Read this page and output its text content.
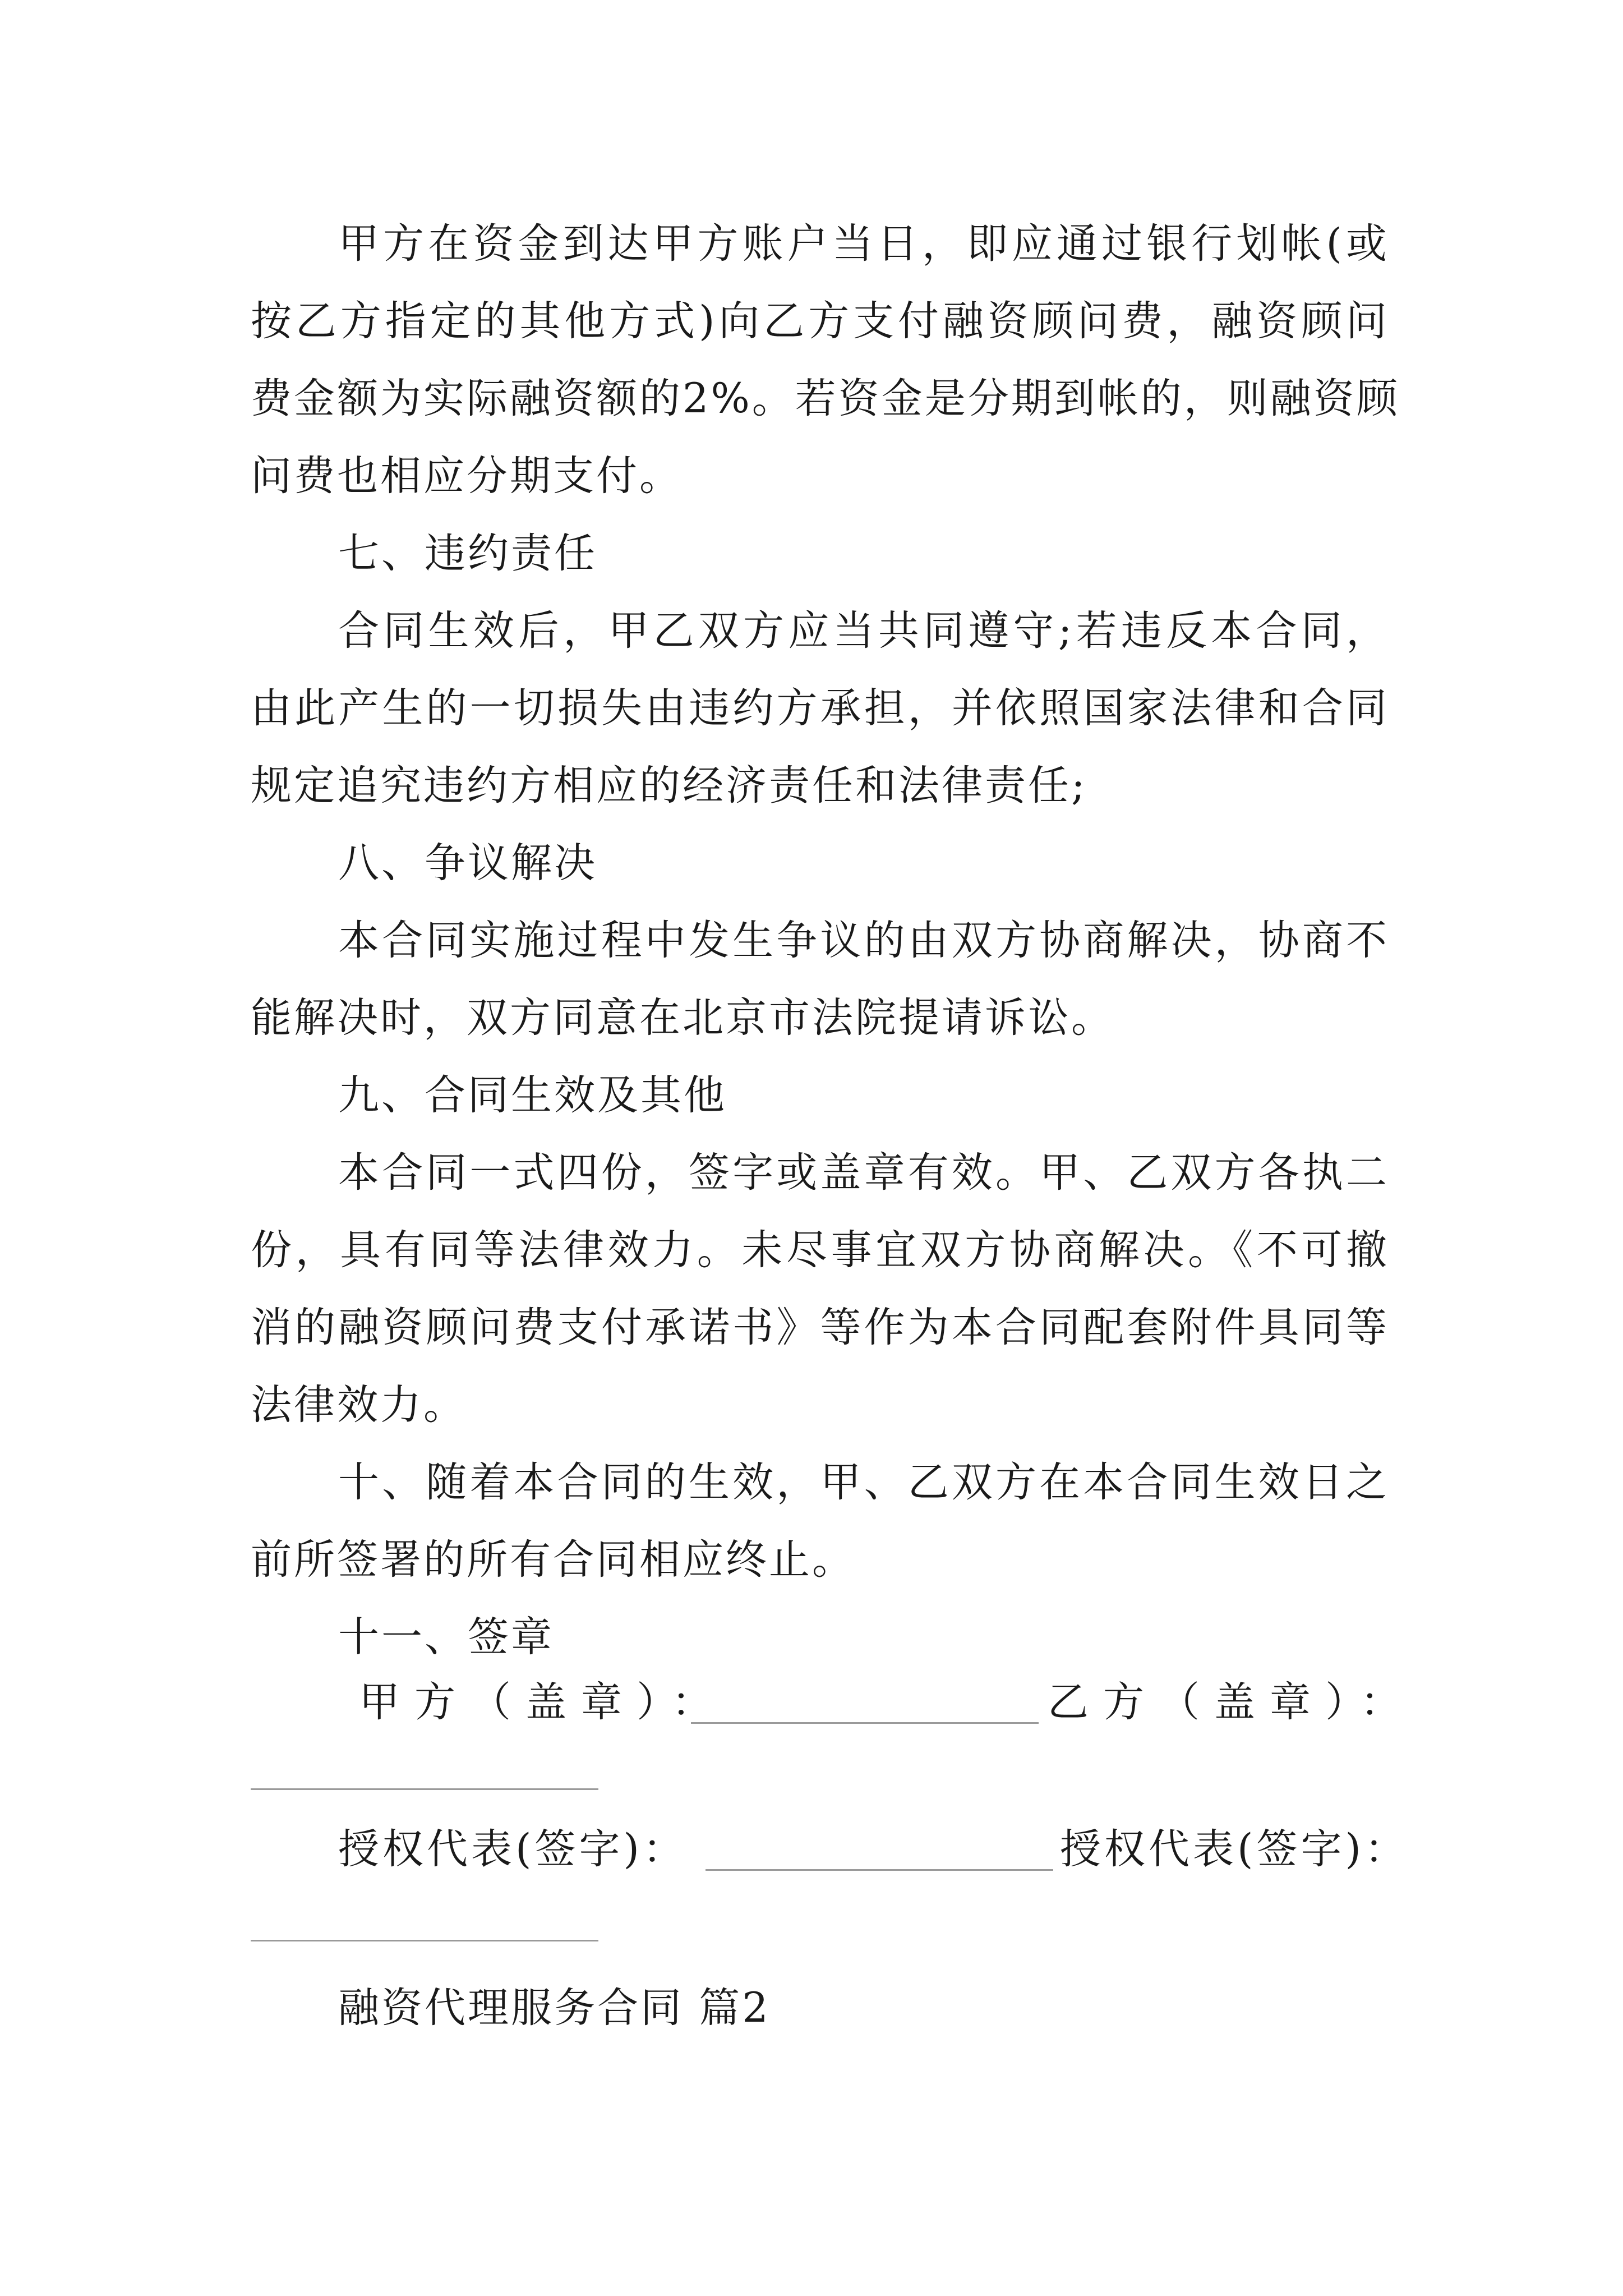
甲方在资金到达甲方账户当日，即应通过银行划帐(或
按乙方指定的其他方式)向乙方支付融资顾问费，融资顾问
费金额为实际融资额的2%。若资金是分期到帐的，则融资顾
问费也相应分期支付。
七、违约责任
合同生效后，甲乙双方应当共同遵守;若违反本合同，
由此产生的一切损失由违约方承担，并依照国家法律和合同
规定追究违约方相应的经济责任和法律责任;
八、争议解决
本合同实施过程中发生争议的由双方协商解决，协商不
能解决时，双方同意在北京市法院提请诉讼。
九、合同生效及其他
本合同一式四份，签字或盖章有效。甲、乙双方各执二
份，具有同等法律效力。未尽事宜双方协商解决。《不可撤
消的融资顾问费支付承诺书》等作为本合同配套附件具同等
法律效力。
十、随着本合同的生效，甲、乙双方在本合同生效日之
前所签署的所有合同相应终止。
十一、签章
甲方（盖章）：	乙方（盖章）：
授权代表(签字)：	授权代表(签字)：
融资代理服务合同 篇2
